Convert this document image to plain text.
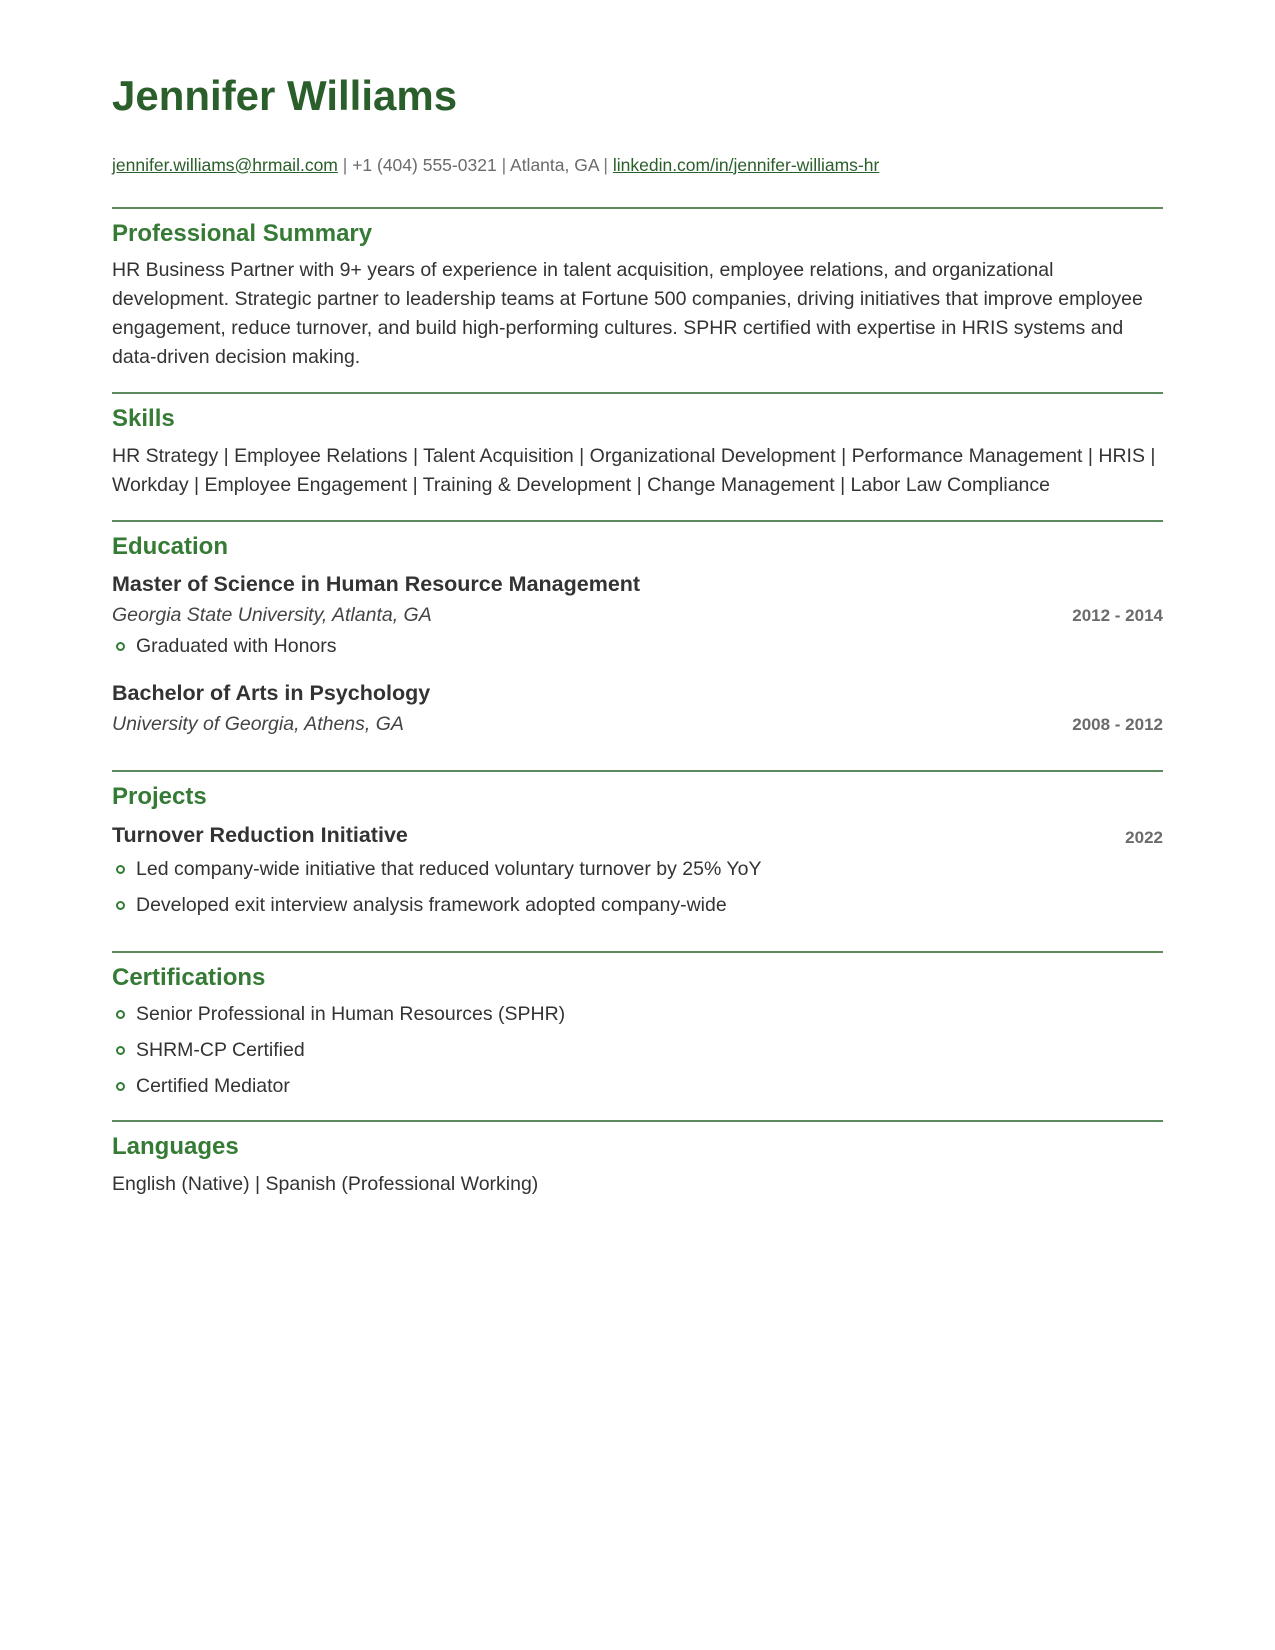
Jennifer Williams
jennifer.williams@hrmail.com | +1 (404) 555-0321 | Atlanta, GA | linkedin.com/in/jennifer-williams-hr
Professional Summary

HR Business Partner with 9+ years of experience in talent acquisition, employee relations, and organizational development. Strategic partner to leadership teams at Fortune 500 companies, driving initiatives that improve employee engagement, reduce turnover, and build high-performing cultures. SPHR certified with expertise in HRIS systems and data-driven decision making.

Skills

HR Strategy | Employee Relations | Talent Acquisition | Organizational Development | Performance Management | HRIS | Workday | Employee Engagement | Training & Development | Change Management | Labor Law Compliance

Education
Master of Science in Human Resource Management
Georgia State University, Atlanta, GA	2012 - 2014
Graduated with Honors
Bachelor of Arts in Psychology
University of Georgia, Athens, GA	2008 - 2012
Projects
Turnover Reduction Initiative	2022
Led company-wide initiative that reduced voluntary turnover by 25% YoY
Developed exit interview analysis framework adopted company-wide
Certifications
Senior Professional in Human Resources (SPHR)
SHRM-CP Certified
Certified Mediator
Languages

English (Native) | Spanish (Professional Working)
